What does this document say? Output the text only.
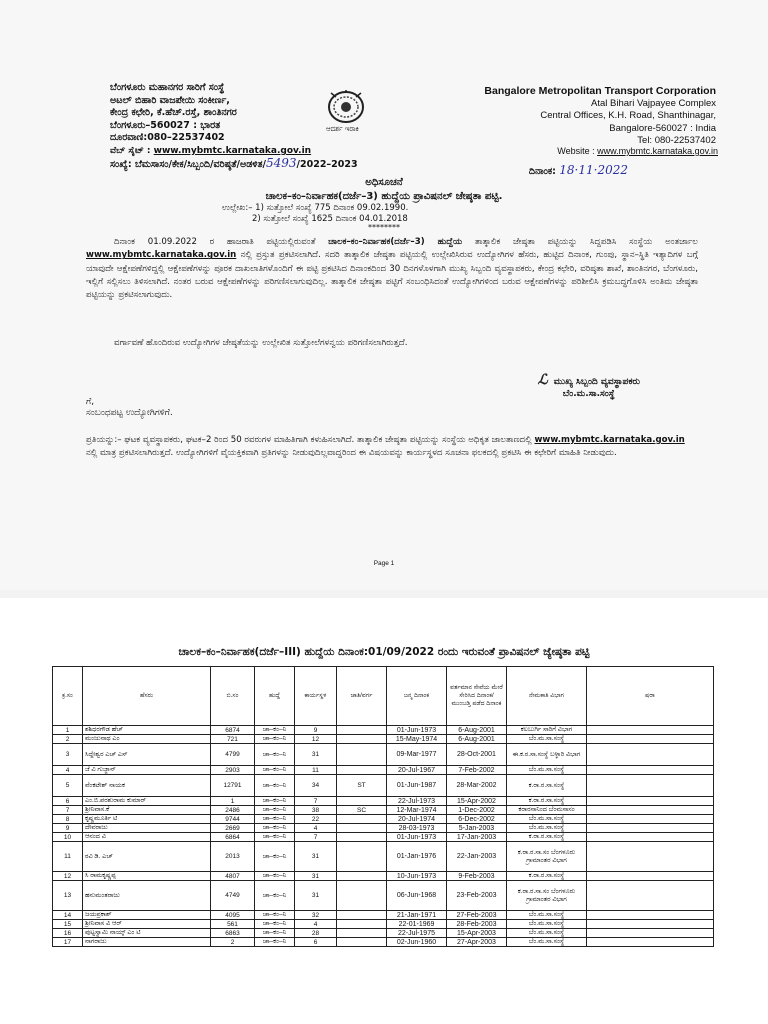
ಬೆಂಗಳೂರು ಮಹಾನಗರ ಸಾರಿಗೆ ಸಂಸ್ಥೆ
ಅಟಲ್ ಬಿಹಾರಿ ವಾಜಪೇಯಿ ಸಂಕೀರ್ಣ,
ಕೇಂದ್ರ ಕಛೇರಿ, ಕೆ.ಹೆಚ್.ರಸ್ತೆ, ಶಾಂತಿನಗರ
ಬೆಂಗಳೂರು–560027 : ಭಾರತ
ದೂರವಾಣಿ:080–22537402
ಆದರ್ಶ ಇರಾಕಿ
Bangalore Metropolitan Transport Corporation
Atal Bihari Vajpayee Complex
Central Offices, K.H. Road, Shanthinagar,
Bangalore-560027 : India
Tel: 080-22537402
ವೆಬ್ ಸೈಟ್ : www.mybmtc.karnataka.gov.in	Website : www.mybmtc.karnataka.gov.in
ಸಂಖ್ಯೆ: ಬೆಮಸಾಸಂ/ಕೇಕ/ಸಿಬ್ಬಂದಿ/ವರಿಷ್ಠತೆ/ಅಡಳಿತ/5493/2022–2023
ದಿನಾಂಕ: 18·11·2022
ಅಧಿಸೂಚನೆ
ಚಾಲಕ–ಕಂ–ನಿರ್ವಾಹಕ(ದರ್ಜೆ–3) ಹುದ್ದೆಯ ಪ್ರಾವಿಷನಲ್ ಜೇಷ್ಠತಾ ಪಟ್ಟಿ.
ಉಲ್ಲೇಖ:– 1) ಸುತ್ತೋಲೆ ಸಂಖ್ಯೆ 775 ದಿನಾಂಕ 09.02.1990.
2) ಸುತ್ತೋಲೆ ಸಂಖ್ಯೆ 1625 ದಿನಾಂಕ 04.01.2018
********
ದಿನಾಂಕ 01.09.2022 ರ ಹಾಜರಾತಿ ಪಟ್ಟಿಯಲ್ಲಿರುವಂತೆ ಚಾಲಕ–ಕಂ–ನಿರ್ವಾಹಕ(ದರ್ಜೆ–3) ಹುದ್ದೆಯ ತಾತ್ಕಾಲಿಕ ಜೇಷ್ಠತಾ ಪಟ್ಟಿಯನ್ನು ಸಿದ್ದಪಡಿಸಿ ಸಂಸ್ಥೆಯ ಅಂತರ್ಜಾಲ www.mybmtc.karnataka.gov.in ನಲ್ಲಿ ಪ್ರಸ್ತುತ ಪ್ರಕಟಿಸಲಾಗಿದೆ. ಸದರಿ ತಾತ್ಕಾಲಿಕ ಜೇಷ್ಠತಾ ಪಟ್ಟಿಯಲ್ಲಿ ಉಲ್ಲೇಖಿಸಿರುವ ಉದ್ಯೋಗಿಗಳ ಹೆಸರು, ಹುಟ್ಟಿದ ದಿನಾಂಕ, ಗುಂಪು, ಸ್ಥಾನ–ಸ್ಥಿತಿ ಇತ್ಯಾದಿಗಳ ಬಗ್ಗೆ ಯಾವುದೇ ಆಕ್ಷೇಪಣೆಗಳಿದ್ದಲ್ಲಿ ಆಕ್ಷೇಪಣೆಗಳನ್ನು ಪೂರಕ ದಾಖಲಾತಿಗಳೊಂದಿಗೆ ಈ ಪಟ್ಟಿ ಪ್ರಕಟಿಸಿದ ದಿನಾಂಕದಿಂದ 30 ದಿನಗಳೊಳಗಾಗಿ ಮುಖ್ಯ ಸಿಬ್ಬಂದಿ ವ್ಯವಸ್ಥಾಪಕರು, ಕೇಂದ್ರ ಕಛೇರಿ, ವರಿಷ್ಠತಾ ಶಾಖೆ, ಶಾಂತಿನಗರ, ಬೆಂಗಳೂರು, ಇಲ್ಲಿಗೆ ಸಲ್ಲಿಸಲು ತಿಳಿಸಲಾಗಿದೆ. ನಂತರ ಬರುವ ಆಕ್ಷೇಪಣೆಗಳನ್ನು ಪರಿಗಣಿಸಲಾಗುವುದಿಲ್ಲ. ತಾತ್ಕಾಲಿಕ ಜೇಷ್ಠತಾ ಪಟ್ಟಿಗೆ ಸಂಬಂಧಿಸಿದಂತೆ ಉದ್ಯೋಗಿಗಳಿಂದ ಬರುವ ಆಕ್ಷೇಪಣೆಗಳನ್ನು ಪರಿಶೀಲಿಸಿ ಕ್ರಮಬದ್ಧಗೊಳಿಸಿ ಅಂತಿಮ ಜೇಷ್ಠತಾ ಪಟ್ಟಿಯನ್ನು ಪ್ರಕಟಿಸಲಾಗುವುದು.
ವರ್ಗಾವಣೆ ಹೊಂದಿರುವ ಉದ್ಯೋಗಿಗಳ ಜೇಷ್ಠತೆಯನ್ನು ಉಲ್ಲೇಖಿತ ಸುತ್ತೋಲೆಗಳನ್ವಯ ಪರಿಗಣಿಸಲಾಗಿರುತ್ತದೆ.
ℒಮುಖ್ಯ ಸಿಬ್ಬಂದಿ ವ್ಯವಸ್ಥಾಪಕರು
ಬೆಂ.ಮ.ಸಾ.ಸಂಸ್ಥೆ
ಗೆ,
ಸಂಬಂಧಪಟ್ಟ ಉದ್ಯೋಗಿಗಳಿಗೆ.
ಪ್ರತಿಯನ್ನು:– ಘಟಕ ವ್ಯವಸ್ಥಾಪಕರು, ಘಟಕ–2 ರಿಂದ 50 ರವರುಗಳ ಮಾಹಿತಿಗಾಗಿ ಕಳುಹಿಸಲಾಗಿದೆ. ತಾತ್ಕಾಲಿಕ ಜೇಷ್ಠತಾ ಪಟ್ಟಿಯನ್ನು ಸಂಸ್ಥೆಯ ಅಧಿಕೃತ ಜಾಲತಾಣದಲ್ಲಿ www.mybmtc.karnataka.gov.in ನಲ್ಲಿ ಮಾತ್ರ ಪ್ರಕಟಿಸಲಾಗಿರುತ್ತದೆ. ಉದ್ಯೋಗಿಗಳಿಗೆ ವೈಯಕ್ತಿಕವಾಗಿ ಪ್ರತಿಗಳನ್ನು ನೀಡುವುದಿಲ್ಲವಾದ್ದರಿಂದ ಈ ವಿಷಯವನ್ನು ಕಾರ್ಯಸ್ಥಳದ ಸೂಚನಾ ಫಲಕದಲ್ಲಿ ಪ್ರಕಟಿಸಿ ಈ ಕಛೇರಿಗೆ ಮಾಹಿತಿ ನೀಡುವುದು.
Page 1
ಚಾಲಕ–ಕಂ–ನಿರ್ವಾಹಕ(ದರ್ಜೆ–III) ಹುದ್ದೆಯ ದಿನಾಂಕ:01/09/2022 ರಂದು ಇರುವಂತೆ ಪ್ರಾವಿಷನಲ್ ಜ್ಯೇಷ್ಠತಾ ಪಟ್ಟಿ
ಕ್ರ.ಸಂ	ಹೆಸರು	ಬಿ.ಸಂ	ಹುದ್ದೆ	ಕಾರ್ಯಸ್ಥಳ	ಜಾತಿ/ವರ್ಗ	ಜನ್ಮ ದಿನಾಂಕ	ವರ್ತಮಾನ ಸೇವೆಯ ಮೇರೆ ಸೇರಿಸಿದ ದಿನಾಂಕ/ ಮುಂಬಡ್ತಿ ಪಡೆದ ದಿನಾಂಕ	ನೇಮಕಾತಿ ವಿಭಾಗ	ಷರಾ
1	ಶಶಿಧರಗೌಡ ಹೆಚ್	6874	ಚಾ–ಕಂ–ನಿ	9		01-Jun-1973	6-Aug-2001	ಕಲಬುರ್ಗಿ ಸಾರಿಗೆ ವಿಭಾಗ	
2	ಮಂಜುನಾಥ ಎಂ	721	ಚಾ–ಕಂ–ನಿ	12		15-May-1974	6-Aug-2001	ಬೆಂ.ಮ.ಸಾ.ಸಂಸ್ಥೆ	
3	ಸಿದ್ದೇಶ್ವರ ಎಚ್ ಎಸ್	4799	ಚಾ–ಕಂ–ನಿ	31		09-Mar-1977	28-Oct-2001	ಈ.ಕ.ರ.ಸಾ.ಸಂಸ್ಥೆ ಬಳ್ಳಾರಿ ವಿಭಾಗ	
4	ಜೆ ವಿ ಗುಜ್ಜಾನ್	2903	ಚಾ–ಕಂ–ನಿ	11		20-Jul-1967	7-Feb-2002	ಬೆಂ.ಮ.ಸಾ.ಸಂಸ್ಥೆ	
5	ವೆಂಕಟೇಶ್ ನಾಯಕ	12791	ಚಾ–ಕಂ–ನಿ	34	ST	01-Jun-1987	28-Mar-2002	ಕ.ರಾ.ರ.ಸಾ.ಸಂಸ್ಥೆ	
6	ಎಂ.ಬಿ.ಪರಶುರಾಮ ಕುಮಾರ್	1	ಚಾ–ಕಂ–ನಿ	7		22-Jul-1973	15-Apr-2002	ಕ.ರಾ.ರ.ಸಾ.ಸಂಸ್ಥೆ	
7	ಶ್ರೀನಿವಾಸ.ಕೆ	2486	ಚಾ–ಕಂ–ನಿ	38	SC	12-Mar-1974	1-Dec-2002	ಕರಾರಸಾನಿಂದ ಬೆಂಮಸಾಸಂ	
8	ಕೃಷ್ಣಮೂರ್ತಿ ಟಿ	9744	ಚಾ–ಕಂ–ನಿ	22		20-Jul-1974	6-Dec-2002	ಬೆಂ.ಮ.ಸಾ.ಸಂಸ್ಥೆ	
9	ದೇವರಾಜು	2669	ಚಾ–ಕಂ–ನಿ	4		28-03-1973	5-Jan-2003	ಬೆಂ.ಮ.ಸಾ.ಸಂಸ್ಥೆ	
10	ಆನಂದ ವಿ	6864	ಚಾ–ಕಂ–ನಿ	7		01-Jun-1973	17-Jan-2003	ಕ.ರಾ.ರ.ಸಾ.ಸಂಸ್ಥೆ	
11	ರವಿ ಡಿ. ಎಚ್	2013	ಚಾ–ಕಂ–ನಿ	31		01-Jan-1976	22-Jan-2003	ಕ.ರಾ.ರ.ಸಾ.ಸಂ ಬೆಂಗಳೂರು ಗ್ರಾಮಾಂತರ ವಿಭಾಗ	
12	ಸಿ ರಾಮಕೃಷ್ಣಪ್ಪ	4807	ಚಾ–ಕಂ–ನಿ	31		10-Jun-1973	9-Feb-2003	ಕ.ರಾ.ರ.ಸಾ.ಸಂಸ್ಥೆ	
13	ಹನುಮಂತರಾಜು	4749	ಚಾ–ಕಂ–ನಿ	31		06-Jun-1968	23-Feb-2003	ಕ.ರಾ.ರ.ಸಾ.ಸಂ ಬೆಂಗಳೂರು ಗ್ರಾಮಾಂತರ ವಿಭಾಗ	
14	ಜಯಪ್ರಕಾಶ್	4095	ಚಾ–ಕಂ–ನಿ	32		21-Jan-1971	27-Feb-2003	ಬೆಂ.ಮ.ಸಾ.ಸಂಸ್ಥೆ	
15	ಶ್ರೀನಿವಾಸ ವಿ ಆರ್	561	ಚಾ–ಕಂ–ನಿ	4		22-01-1969	28-Feb-2003	ಬೆಂ.ಮ.ಸಾ.ಸಂಸ್ಥೆ	
16	ಪುಟ್ಟಸ್ವಾಮಿ ನಾಯ್ಕ್ ಎಂ ಟಿ	6863	ಚಾ–ಕಂ–ನಿ	28		22-Jul-1975	15-Apr-2003	ಬೆಂ.ಮ.ಸಾ.ಸಂಸ್ಥೆ	
17	ನಾಗರಾಜು	2	ಚಾ–ಕಂ–ನಿ	6		02-Jun-1960	27-Apr-2003	ಬೆಂ.ಮ.ಸಾ.ಸಂಸ್ಥೆ	
